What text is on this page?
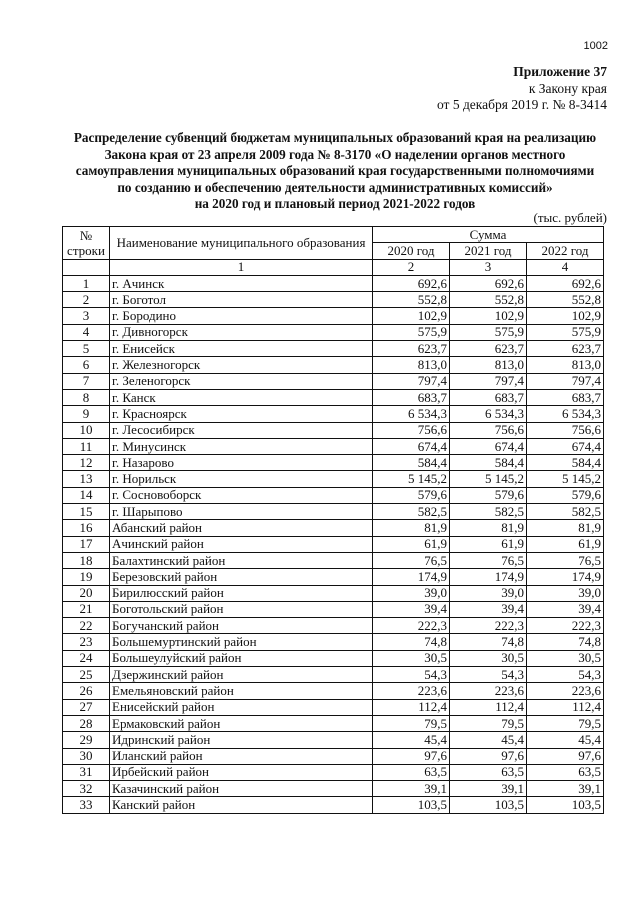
1002
Приложение 37
к Закону края
от 5 декабря 2019 г. № 8-3414
Распределение субвенций бюджетам муниципальных образований края на реализацию
Закона края от 23 апреля 2009 года № 8-3170 «О наделении органов местного
самоуправления муниципальных образований края государственными полномочиями
по созданию и обеспечению деятельности административных комиссий»
на 2020 год и плановый период 2021-2022 годов
(тыс. рублей)
№ строки	Наименование муниципального образования	Сумма		
		2020 год	2021 год	2022 год
	1	2	3	4
1	г. Ачинск	692,6	692,6	692,6
2	г. Боготол	552,8	552,8	552,8
3	г. Бородино	102,9	102,9	102,9
4	г. Дивногорск	575,9	575,9	575,9
5	г. Енисейск	623,7	623,7	623,7
6	г. Железногорск	813,0	813,0	813,0
7	г. Зеленогорск	797,4	797,4	797,4
8	г. Канск	683,7	683,7	683,7
9	г. Красноярск	6 534,3	6 534,3	6 534,3
10	г. Лесосибирск	756,6	756,6	756,6
11	г. Минусинск	674,4	674,4	674,4
12	г. Назарово	584,4	584,4	584,4
13	г. Норильск	5 145,2	5 145,2	5 145,2
14	г. Сосновоборск	579,6	579,6	579,6
15	г. Шарыпово	582,5	582,5	582,5
16	Абанский район	81,9	81,9	81,9
17	Ачинский район	61,9	61,9	61,9
18	Балахтинский район	76,5	76,5	76,5
19	Березовский район	174,9	174,9	174,9
20	Бирилюсский район	39,0	39,0	39,0
21	Боготольский район	39,4	39,4	39,4
22	Богучанский район	222,3	222,3	222,3
23	Большемуртинский район	74,8	74,8	74,8
24	Большеулуйский район	30,5	30,5	30,5
25	Дзержинский район	54,3	54,3	54,3
26	Емельяновский район	223,6	223,6	223,6
27	Енисейский район	112,4	112,4	112,4
28	Ермаковский район	79,5	79,5	79,5
29	Идринский район	45,4	45,4	45,4
30	Иланский район	97,6	97,6	97,6
31	Ирбейский район	63,5	63,5	63,5
32	Казачинский район	39,1	39,1	39,1
33	Канский район	103,5	103,5	103,5
